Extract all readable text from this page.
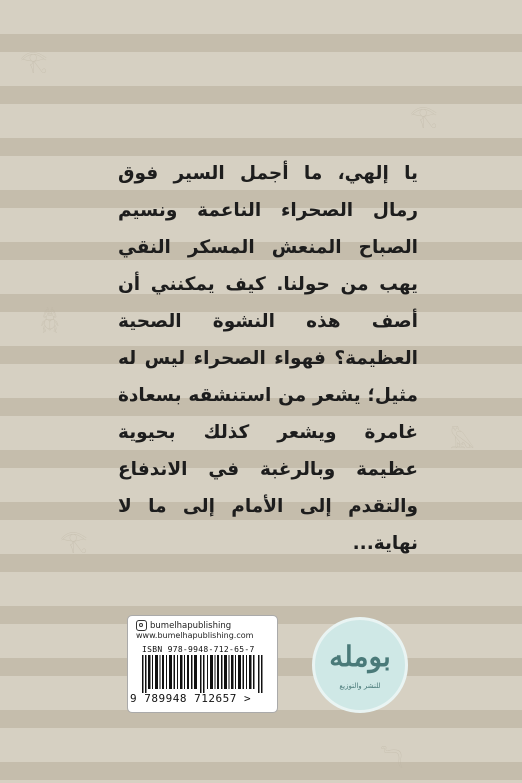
𓂀
𓂀
𓆣
𓅓
𓂀
𓆓

يا إلهي، ما أجمل السير فوق رمال الصحراء الناعمة ونسيم الصباح المنعش المسكر النقي يهب من حولنا. كيف يمكنني أن أصف هذه النشوة الصحية العظيمة؟ فهواء الصحراء ليس له مثيل؛ يشعر من استنشقه بسعادة غامرة ويشعر كذلك بحيوية عظيمة وبالرغبة في الاندفاع والتقدم إلى الأمام إلى ما لا نهاية...

bumelhapublishing
www.bumelhapublishing.com
ISBN 978-9948-712-65-7
9 789948 712657 >
بومله
للنشر والتوزيع
